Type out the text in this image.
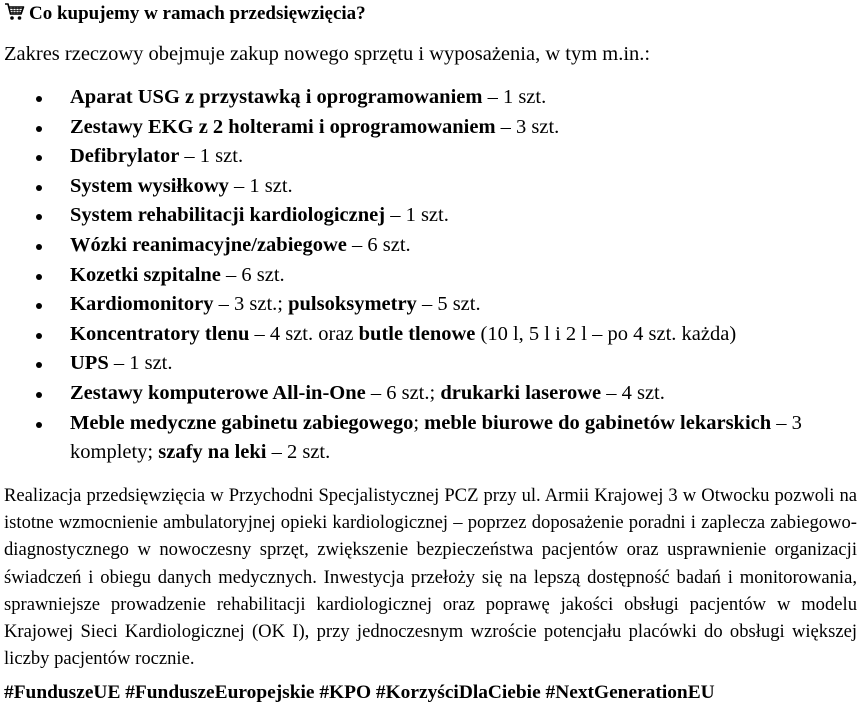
Co kupujemy w ramach przedsięwzięcia?
Zakres rzeczowy obejmuje zakup nowego sprzętu i wyposażenia, w tym m.in.:
Aparat USG z przystawką i oprogramowaniem – 1 szt.
Zestawy EKG z 2 holterami i oprogramowaniem – 3 szt.
Defibrylator – 1 szt.
System wysiłkowy – 1 szt.
System rehabilitacji kardiologicznej – 1 szt.
Wózki reanimacyjne/zabiegowe – 6 szt.
Kozetki szpitalne – 6 szt.
Kardiomonitory – 3 szt.; pulsoksymetry – 5 szt.
Koncentratory tlenu – 4 szt. oraz butle tlenowe (10 l, 5 l i 2 l – po 4 szt. każda)
UPS – 1 szt.
Zestawy komputerowe All-in-One – 6 szt.; drukarki laserowe – 4 szt.
Meble medyczne gabinetu zabiegowego; meble biurowe do gabinetów lekarskich – 3 komplety; szafy na leki – 2 szt.

Realizacja przedsięwzięcia w Przychodni Specjalistycznej PCZ przy ul. Armii Krajowej 3 w Otwocku pozwoli na istotne wzmocnienie ambulatoryjnej opieki kardiologicznej – poprzez doposażenie poradni i zaplecza zabiegowo-diagnostycznego w nowoczesny sprzęt, zwiększenie bezpieczeństwa pacjentów oraz usprawnienie organizacji świadczeń i obiegu danych medycznych. Inwestycja przełoży się na lepszą dostępność badań i monitorowania, sprawniejsze prowadzenie rehabilitacji kardiologicznej oraz poprawę jakości obsługi pacjentów w modelu Krajowej Sieci Kardiologicznej (OK I), przy jednoczesnym wzroście potencjału placówki do obsługi większej liczby pacjentów rocznie.

#FunduszeUE #FunduszeEuropejskie #KPO #KorzyściDlaCiebie #NextGenerationEU
